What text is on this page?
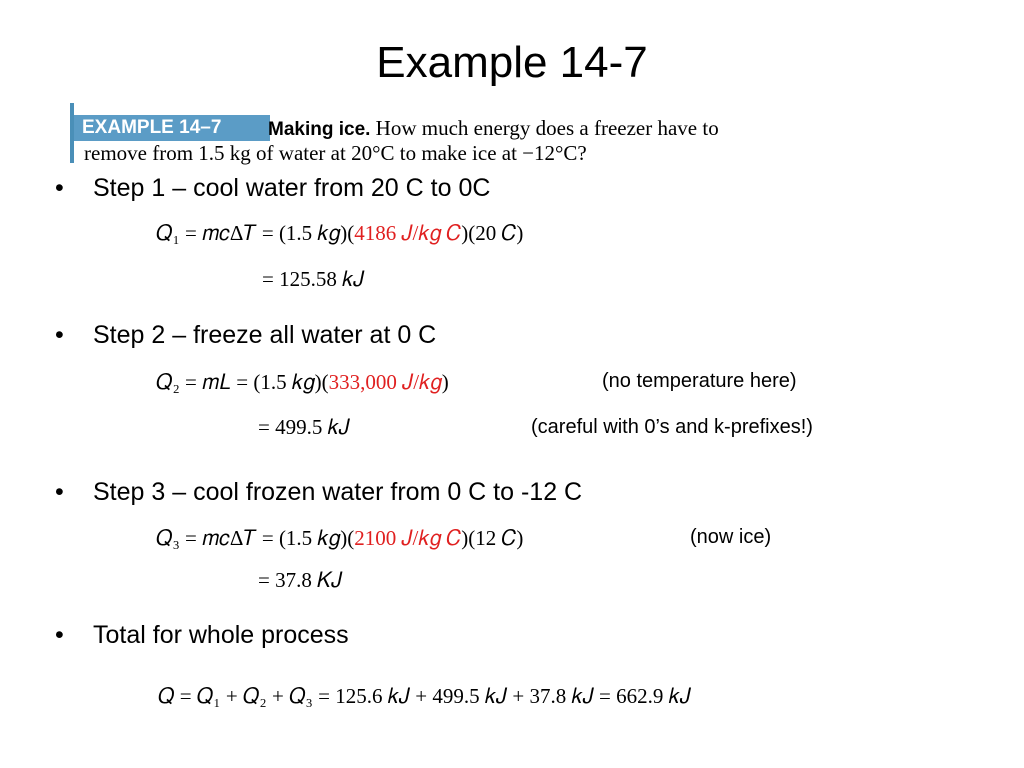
Example 14-7
EXAMPLE 14–7	Making ice. How much energy does a freezer have to
remove from 1.5 kg of water at 20°C to make ice at −12°C?
• Step 1 – cool water from 20 C to 0C
𝑄₁ = 𝑚𝑐Δ𝑇 = (1.5 𝑘𝑔)(4186 𝐽/𝑘𝑔 𝐶)(20 𝐶)
= 125.58 𝑘𝐽
• Step 2 – freeze all water at 0 C
𝑄₂ = 𝑚𝐿 = (1.5 𝑘𝑔)(333,000 𝐽/𝑘𝑔)	(no temperature here)
= 499.5 𝑘𝐽	(careful with 0’s and k-prefixes!)
• Step 3 – cool frozen water from 0 C to -12 C
𝑄₃ = 𝑚𝑐Δ𝑇 = (1.5 𝑘𝑔)(2100 𝐽/𝑘𝑔 𝐶)(12 𝐶)	(now ice)
= 37.8 𝐾𝐽
• Total for whole process
𝑄 = 𝑄₁ + 𝑄₂ + 𝑄₃ = 125.6 𝑘𝐽 + 499.5 𝑘𝐽 + 37.8 𝑘𝐽 = 662.9 𝑘𝐽
